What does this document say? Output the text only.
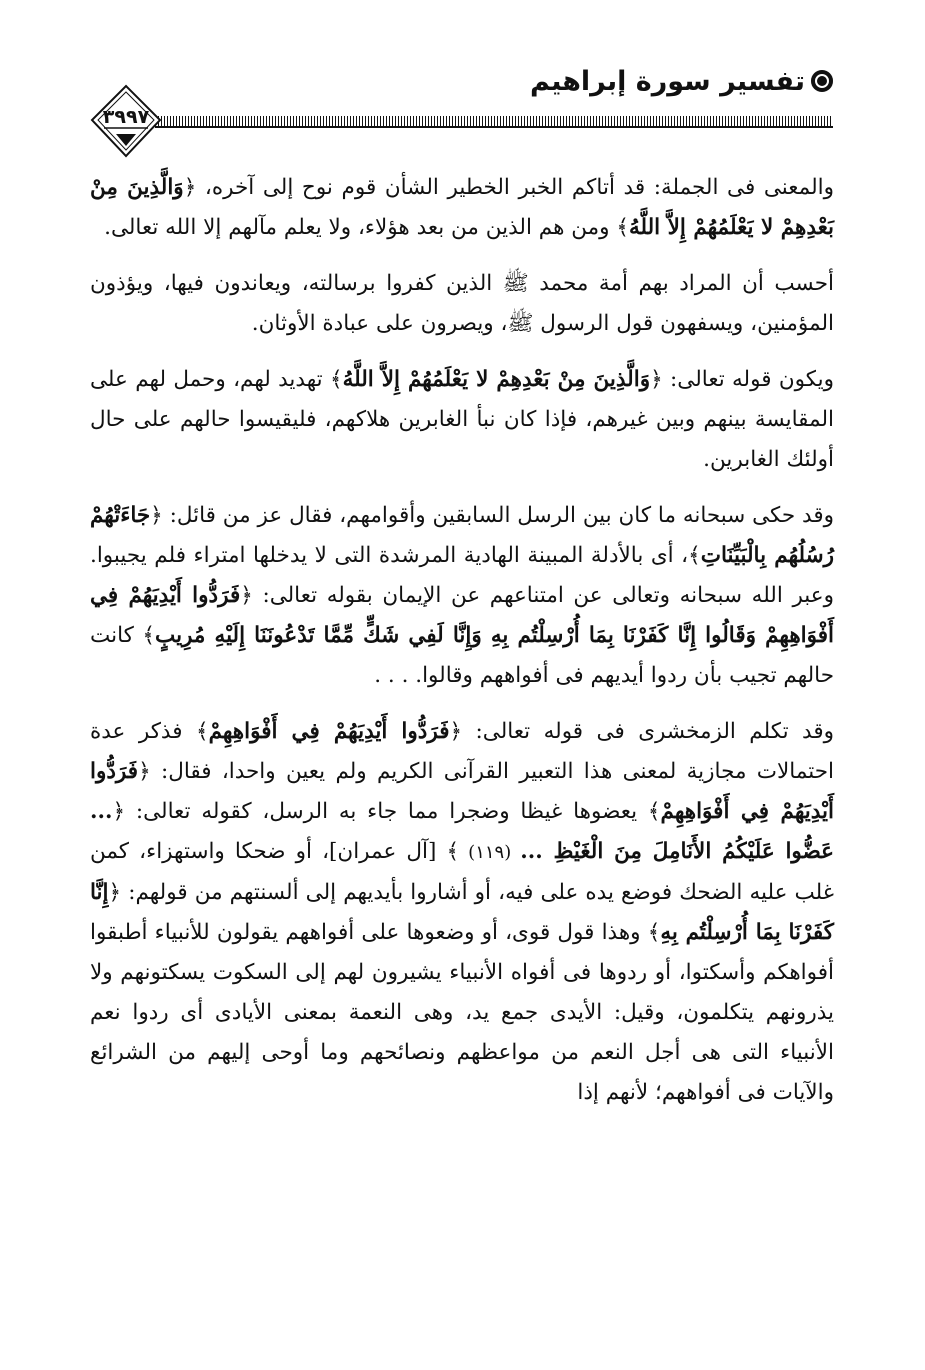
تفسير سورة إبراهيم
٣٩٩٧

والمعنى فى الجملة: قد أتاكم الخبر الخطير الشأن قوم نوح إلى آخره، ﴿وَالَّذِينَ مِنْ بَعْدِهِمْ لا يَعْلَمُهُمْ إِلاَّ اللَّهُ﴾ ومن هم الذين من بعد هؤلاء، ولا يعلم مآلهم إلا الله تعالى.

أحسب أن المراد بهم أمة محمد ﷺ الذين كفروا برسالته، ويعاندون فيها، ويؤذون المؤمنين، ويسفهون قول الرسول ﷺ، ويصرون على عبادة الأوثان.

ويكون قوله تعالى: ﴿وَالَّذِينَ مِنْ بَعْدِهِمْ لا يَعْلَمُهُمْ إِلاَّ اللَّهُ﴾ تهديد لهم، وحمل لهم على المقايسة بينهم وبين غيرهم، فإذا كان نبأ الغابرين هلاكهم، فليقيسوا حالهم على حال أولئك الغابرين.

وقد حكى سبحانه ما كان بين الرسل السابقين وأقوامهم، فقال عز من قائل: ﴿جَاءَتْهُمْ رُسُلُهُم بِالْبَيِّنَاتِ﴾، أى بالأدلة المبينة الهادية المرشدة التى لا يدخلها امتراء فلم يجيبوا. وعبر الله سبحانه وتعالى عن امتناعهم عن الإيمان بقوله تعالى: ﴿فَرَدُّوا أَيْدِيَهُمْ فِي أَفْوَاهِهِمْ وَقَالُوا إِنَّا كَفَرْنَا بِمَا أُرْسِلْتُم بِهِ وَإِنَّا لَفِي شَكٍّ مِّمَّا تَدْعُونَنَا إِلَيْهِ مُرِيبٍ﴾ كانت حالهم تجيب بأن ردوا أيديهم فى أفواههم وقالوا. . . .

وقد تكلم الزمخشرى فى قوله تعالى: ﴿فَرَدُّوا أَيْدِيَهُمْ فِي أَفْوَاهِهِمْ﴾ فذكر عدة احتمالات مجازية لمعنى هذا التعبير القرآنى الكريم ولم يعين واحدا، فقال: ﴿فَرَدُّوا أَيْدِيَهُمْ فِي أَفْوَاهِهِمْ﴾ يعضوها غيظا وضجرا مما جاء به الرسل، كقوله تعالى: ﴿... عَضُّوا عَلَيْكُمُ الأَنَامِلَ مِنَ الْغَيْظِ ... (١١٩) ﴾ [آل عمران]، أو ضحكا واستهزاء، كمن غلب عليه الضحك فوضع يده على فيه، أو أشاروا بأيديهم إلى ألسنتهم من قولهم: ﴿إِنَّا كَفَرْنَا بِمَا أُرْسِلْتُم بِهِ﴾ وهذا قول قوى، أو وضعوها على أفواههم يقولون للأنبياء أطبقوا أفواهكم وأسكتوا، أو ردوها فى أفواه الأنبياء يشيرون لهم إلى السكوت يسكتونهم ولا يذرونهم يتكلمون، وقيل: الأيدى جمع يد، وهى النعمة بمعنى الأيادى أى ردوا نعم الأنبياء التى هى أجل النعم من مواعظهم ونصائحهم وما أوحى إليهم من الشرائع والآيات فى أفواههم؛ لأنهم إذا
